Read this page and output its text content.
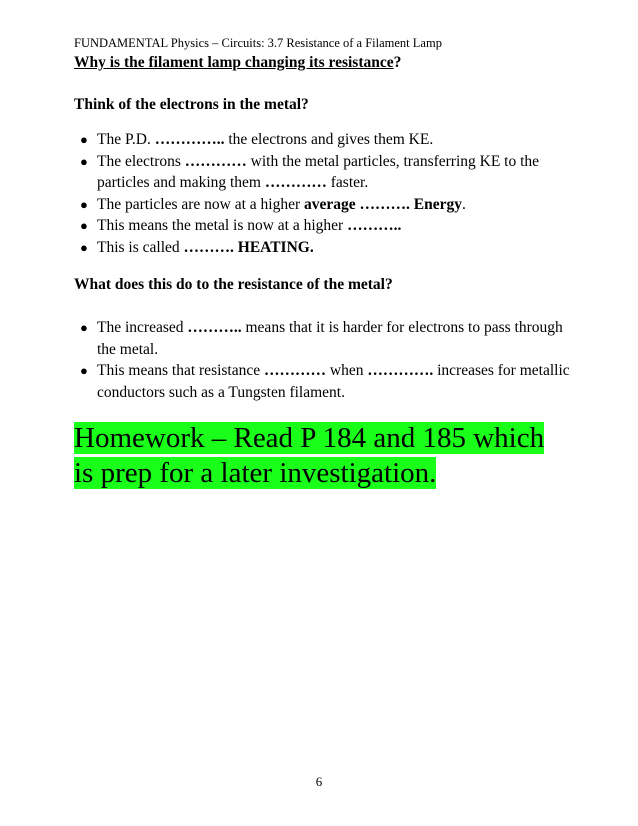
FUNDAMENTAL Physics – Circuits: 3.7 Resistance of a Filament Lamp
Why is the filament lamp changing its resistance?
Think of the electrons in the metal?
● The P.D. ………….. the electrons and gives them KE.
● The electrons ………… with the metal particles, transferring KE to the particles and making them ………… faster.
● The particles are now at a higher average ………. Energy.
● This means the metal is now at a higher ………..
● This is called ………. HEATING.
What does this do to the resistance of the metal?
● The increased ……….. means that it is harder for electrons to pass through the metal.
● This means that resistance ………… when …………. increases for metallic conductors such as a Tungsten filament.
Homework – Read P 184 and 185 which is prep for a later investigation.
6
